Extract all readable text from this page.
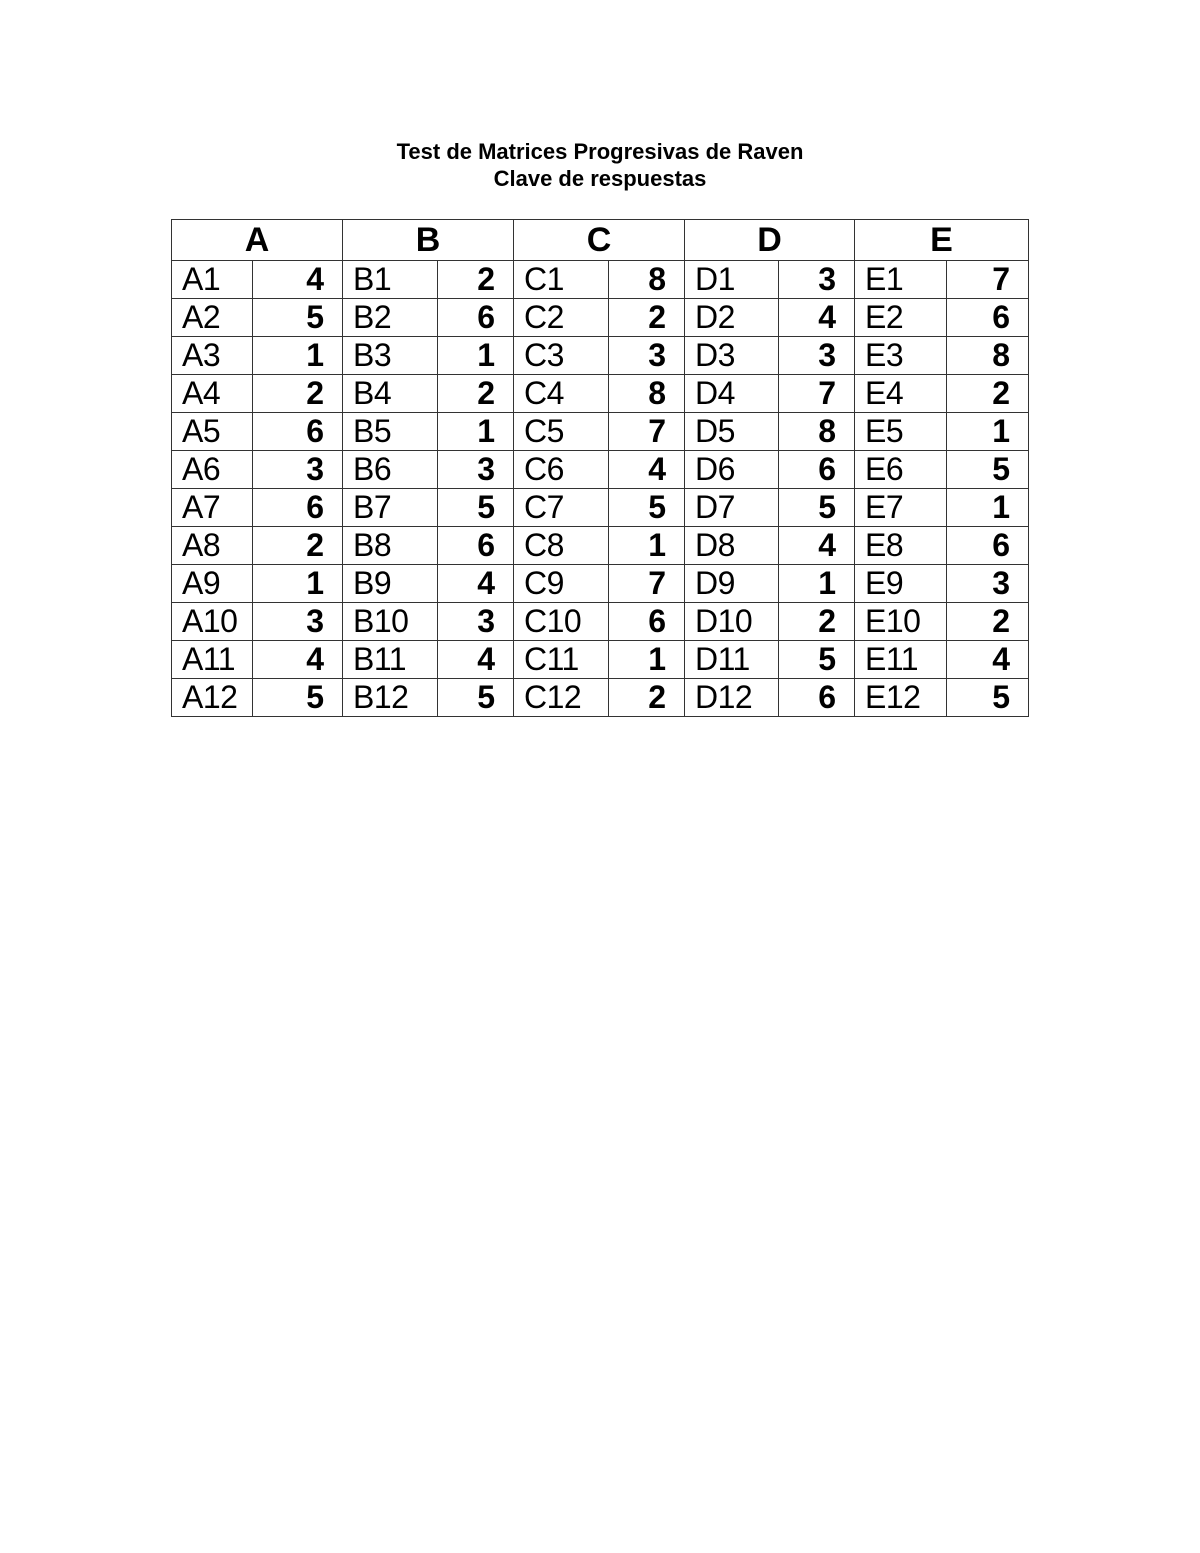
Test de Matrices Progresivas de Raven
Clave de respuestas
A		B		C		D		E	
A1	4	B1	2	C1	8	D1	3	E1	7
A2	5	B2	6	C2	2	D2	4	E2	6
A3	1	B3	1	C3	3	D3	3	E3	8
A4	2	B4	2	C4	8	D4	7	E4	2
A5	6	B5	1	C5	7	D5	8	E5	1
A6	3	B6	3	C6	4	D6	6	E6	5
A7	6	B7	5	C7	5	D7	5	E7	1
A8	2	B8	6	C8	1	D8	4	E8	6
A9	1	B9	4	C9	7	D9	1	E9	3
A10	3	B10	3	C10	6	D10	2	E10	2
A11	4	B11	4	C11	1	D11	5	E11	4
A12	5	B12	5	C12	2	D12	6	E12	5
